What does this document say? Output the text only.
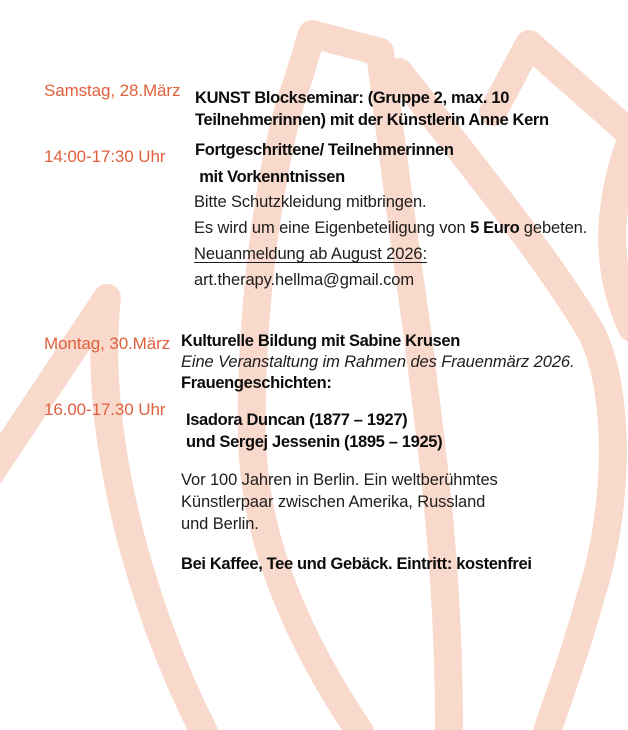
Samstag, 28.März

14:00-17:30 Uhr

KUNST Blockseminar: (Gruppe 2, max. 10
Teilnehmerinnen) mit der Künstlerin Anne Kern
Fortgeschrittene/ Teilnehmerinnen
mit Vorkenntnissen
Bitte Schutzkleidung mitbringen.
Es wird um eine Eigenbeteiligung von 5 Euro gebeten.
Neuanmeldung ab August 2026:
art.therapy.hellma@gmail.com

Montag, 30.März

16.00-17.30 Uhr

Kulturelle Bildung mit Sabine Krusen
Eine Veranstaltung im Rahmen des Frauenmärz 2026.
Frauengeschichten:
Isadora Duncan (1877 – 1927)
und Sergej Jessenin (1895 – 1925)
Vor 100 Jahren in Berlin. Ein weltberühmtes
Künstlerpaar zwischen Amerika, Russland
und Berlin.
Bei Kaffee, Tee und Gebäck. Eintritt: kostenfrei
